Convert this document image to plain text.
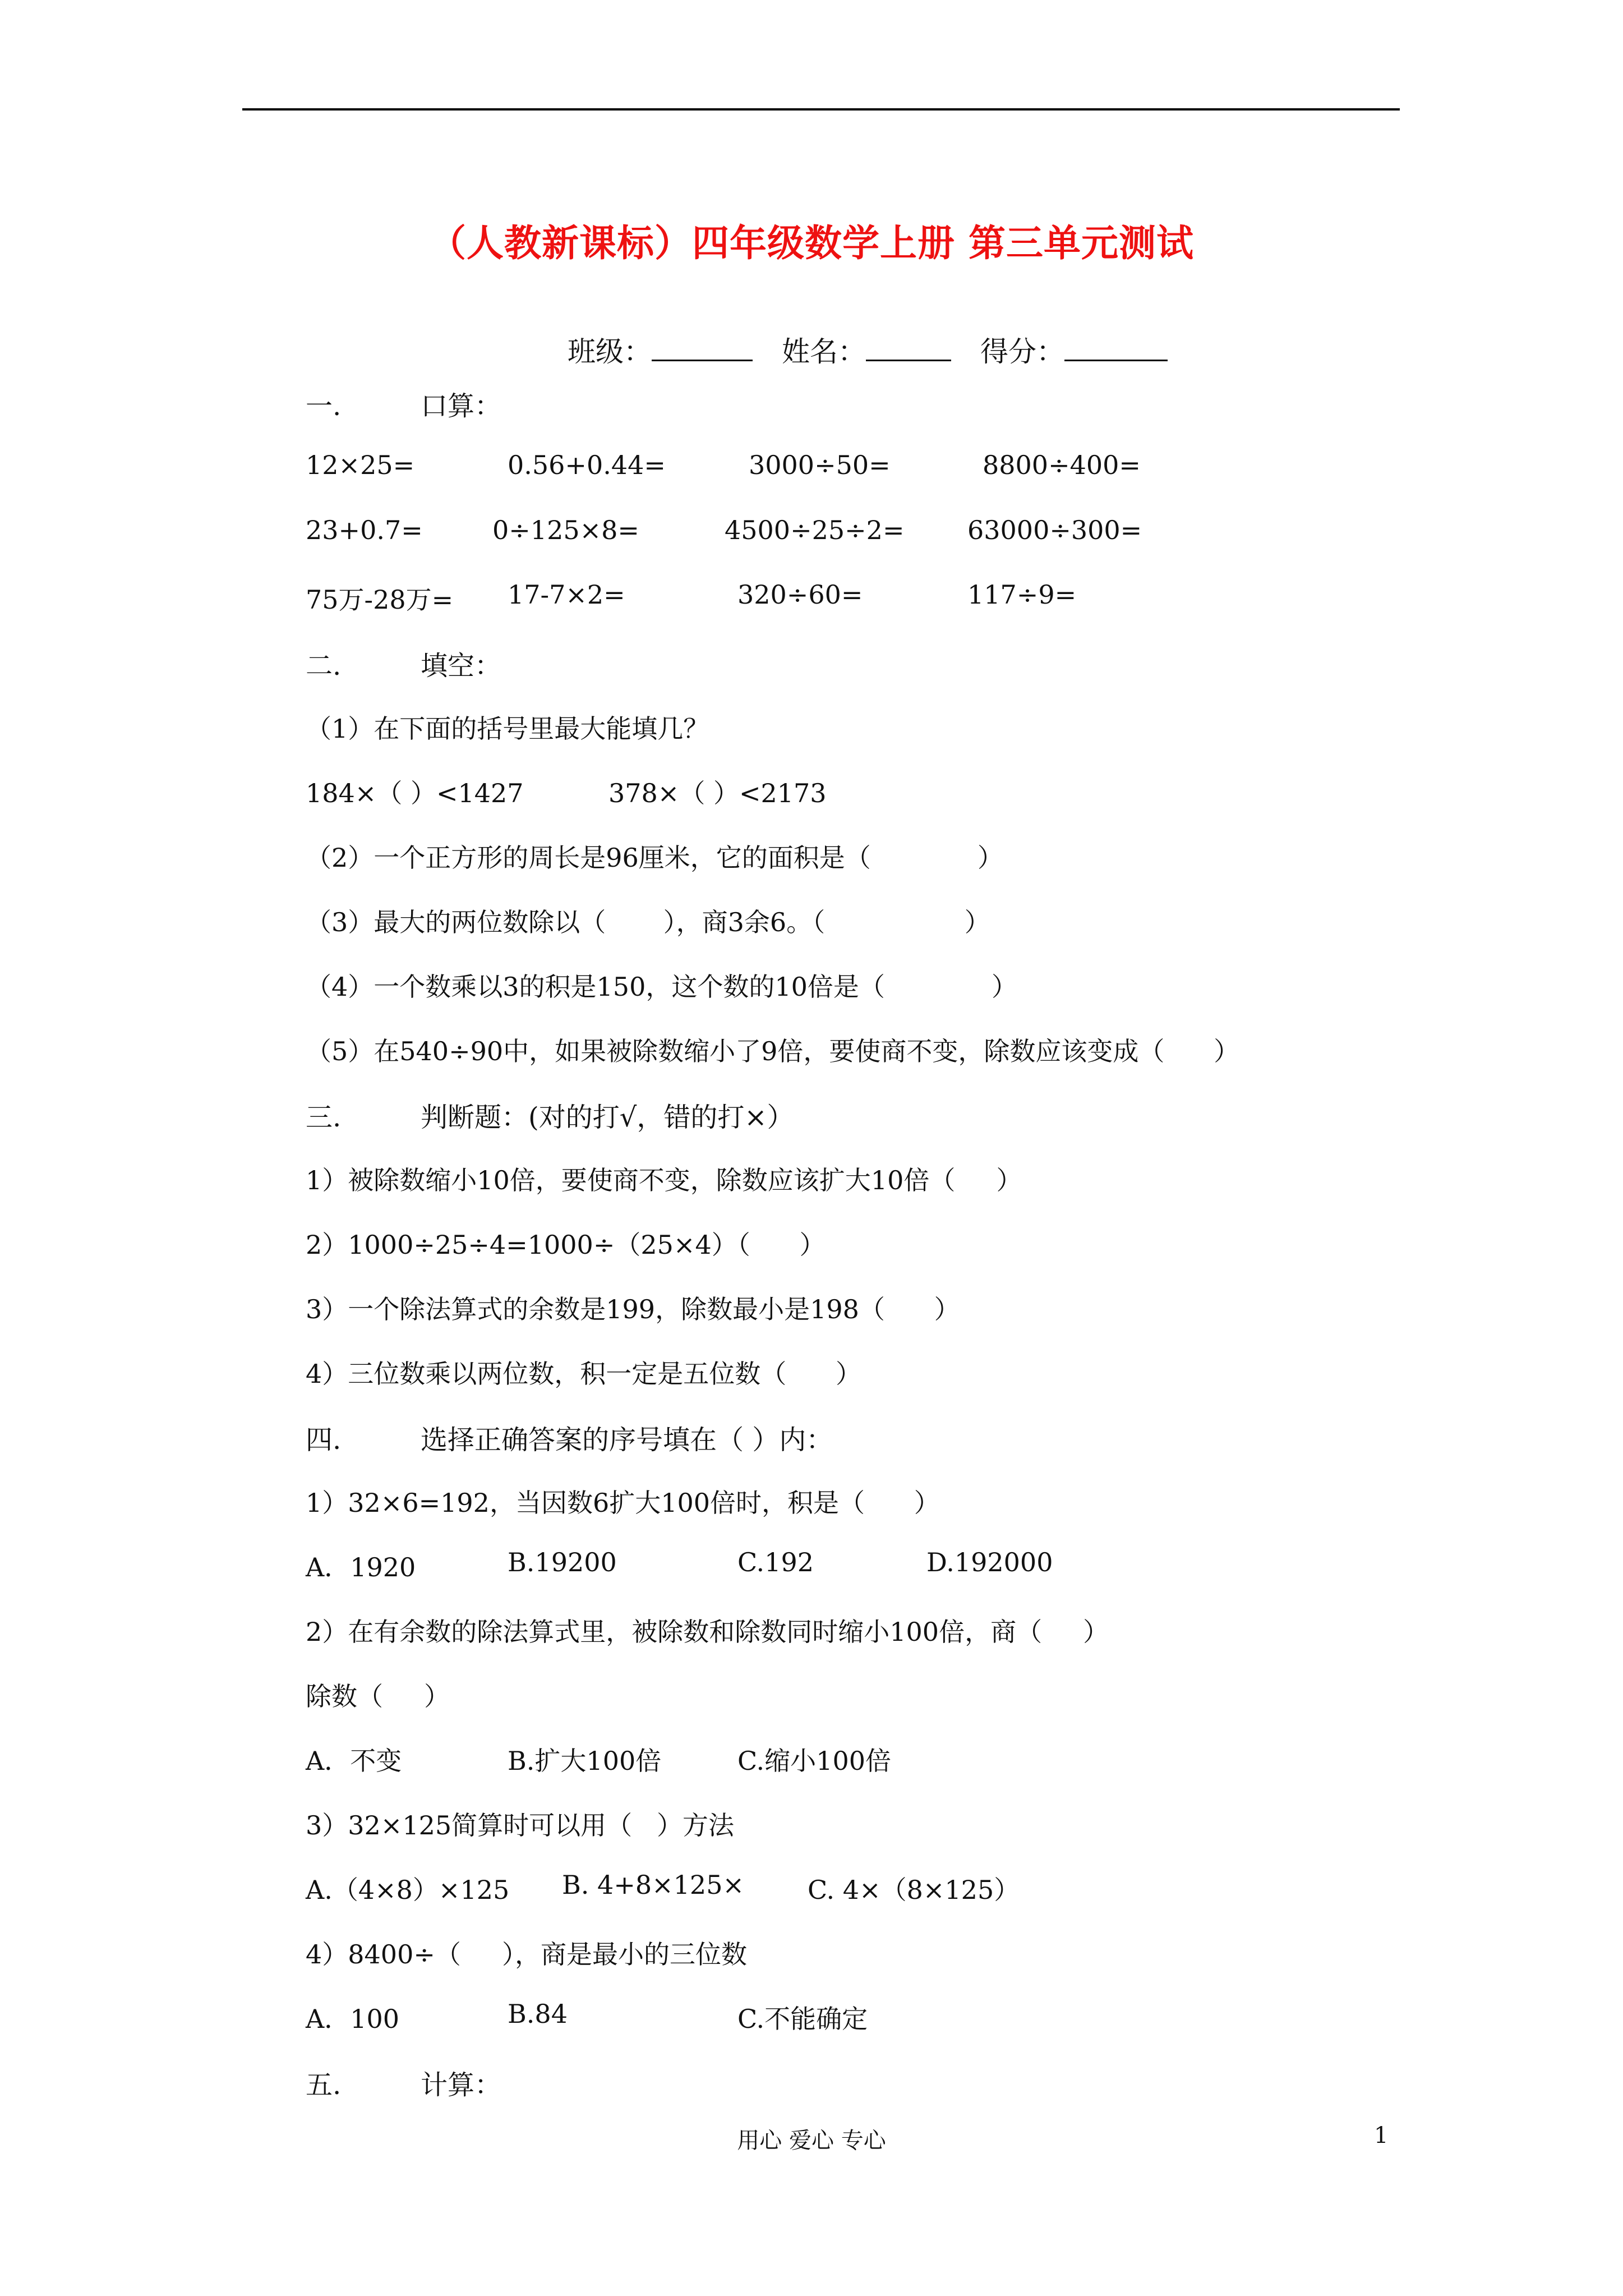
（人教新课标）四年级数学上册 第三单元测试
班级：	姓名：	得分：
一.	口算：
12×25=	0.56+0.44=	3000÷50=	8800÷400=
23+0.7=	0÷125×8=	4500÷25÷2= 63000÷300=
75万-28万= 17-7×2=	320÷60=	117÷9=
二.	填空：
（1）在下面的括号里最大能填几？
184×（ ）<1427	378×（ ）<2173
（2）一个正方形的周长是96厘米，它的面积是（             ）
（3）最大的两位数除以（       ），商3余6。（                 ）
（4）一个数乘以3的积是150，这个数的10倍是（             ）
（5）在540÷90中，如果被除数缩小了9倍，要使商不变，除数应该变成（      ）
三.	判断题：(对的打√，错的打×）
1）被除数缩小10倍，要使商不变，除数应该扩大10倍（     ）
2）1000÷25÷4=1000÷（25×4）（      ）
3）一个除法算式的余数是199，除数最小是198（      ）
4）三位数乘以两位数，积一定是五位数（      ）
四.	选择正确答案的序号填在（ ）内：
1）32×6=192，当因数6扩大100倍时，积是（      ）
A．1920	B.19200	C.192	D.192000
2）在有余数的除法算式里，被除数和除数同时缩小100倍，商（     ）
除数（     ）
A．不变	B.扩大100倍	C.缩小100倍
3）32×125简算时可以用（   ）方法
A.（4×8）×125 B. 4+8×125× C. 4×（8×125）
4）8400÷（     ），商是最小的三位数
A．100	B.84	C.不能确定
五.	计算：
用心 爱心 专心	1
